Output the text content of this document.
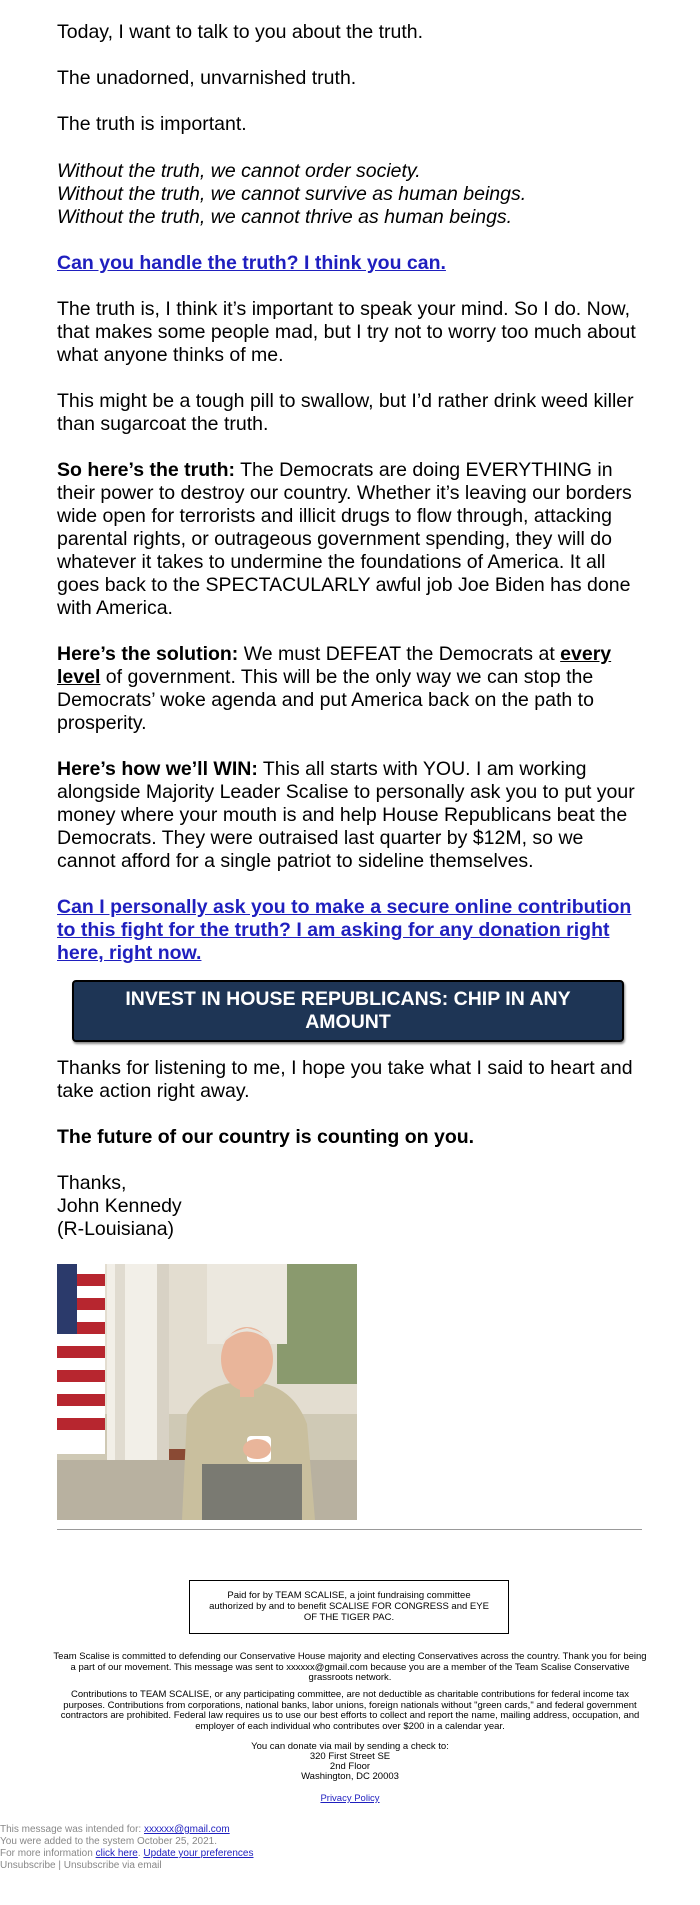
Today, I want to talk to you about the truth.

The unadorned, unvarnished truth.

The truth is important.

Without the truth, we cannot order society.

Without the truth, we cannot survive as human beings.

Without the truth, we cannot thrive as human beings.

Can you handle the truth? I think you can.

The truth is, I think it’s important to speak your mind. So I do. Now, that makes some people mad, but I try not to worry too much about what anyone thinks of me.

This might be a tough pill to swallow, but I’d rather drink weed killer than sugarcoat the truth.

So here’s the truth: The Democrats are doing EVERYTHING in their power to destroy our country. Whether it’s leaving our borders wide open for terrorists and illicit drugs to flow through, attacking parental rights, or outrageous government spending, they will do whatever it takes to undermine the foundations of America. It all goes back to the SPECTACULARLY awful job Joe Biden has done with America.

Here’s the solution: We must DEFEAT the Democrats at every level of government. This will be the only way we can stop the Democrats’ woke agenda and put America back on the path to prosperity.

Here’s how we’ll WIN: This all starts with YOU. I am working alongside Majority Leader Scalise to personally ask you to put your money where your mouth is and help House Republicans beat the Democrats. They were outraised last quarter by $12M, so we cannot afford for a single patriot to sideline themselves.

Can I personally ask you to make a secure online contribution to this fight for the truth? I am asking for any donation right here, right now.

INVEST IN HOUSE REPUBLICANS: CHIP IN ANY AMOUNT

Thanks for listening to me, I hope you take what I said to heart and take action right away.

The future of our country is counting on you.

Thanks,

John Kennedy

(R-Louisiana)

Paid for by TEAM SCALISE, a joint fundraising committee authorized by and to benefit SCALISE FOR CONGRESS and EYE OF THE TIGER PAC.

Team Scalise is committed to defending our Conservative House majority and electing Conservatives across the country. Thank you for being a part of our movement. This message was sent to xxxxxx@gmail.com because you are a member of the Team Scalise Conservative grassroots network.

Contributions to TEAM SCALISE, or any participating committee, are not deductible as charitable contributions for federal income tax purposes. Contributions from corporations, national banks, labor unions, foreign nationals without "green cards," and federal government contractors are prohibited. Federal law requires us to use our best efforts to collect and report the name, mailing address, occupation, and employer of each individual who contributes over $200 in a calendar year.

You can donate via mail by sending a check to:

320 First Street SE

2nd Floor

Washington, DC 20003

Privacy Policy

This message was intended for: xxxxxx@gmail.com

You were added to the system October 25, 2021.

For more information click here. Update your preferences

Unsubscribe | Unsubscribe via email
